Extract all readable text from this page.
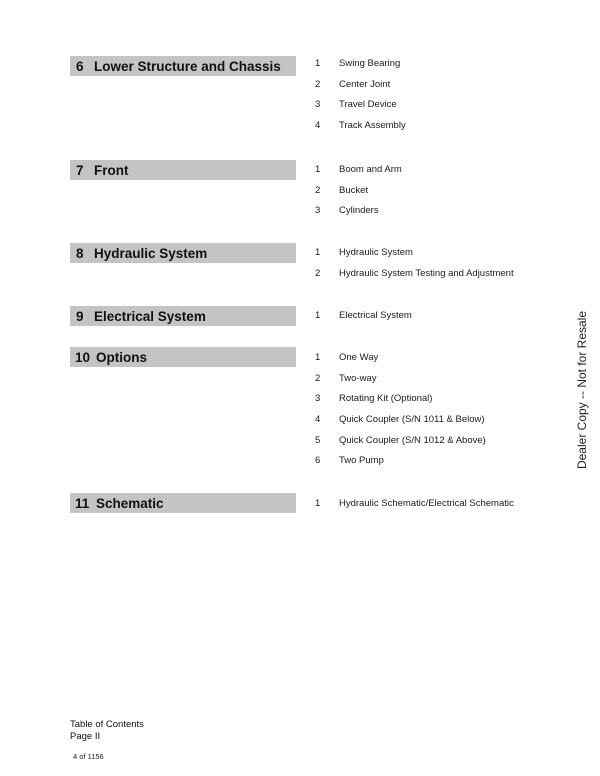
6 Lower Structure and Chassis	1 Swing Bearing
2 Center Joint
3 Travel Device
4 Track Assembly
7 Front	1 Boom and Arm
2 Bucket
3 Cylinders
8 Hydraulic System	1 Hydraulic System
2 Hydraulic System Testing and Adjustment
9 Electrical System	1 Electrical System
10 Options	1 One Way
2 Two-way
3 Rotating Kit (Optional)
4 Quick Coupler (S/N 1011 & Below)
5 Quick Coupler (S/N 1012 & Above)
6 Two Pump
11 Schematic	1 Hydraulic Schematic/Electrical Schematic
Dealer Copy -- Not for Resale
Table of Contents
Page II
4 of 1156
